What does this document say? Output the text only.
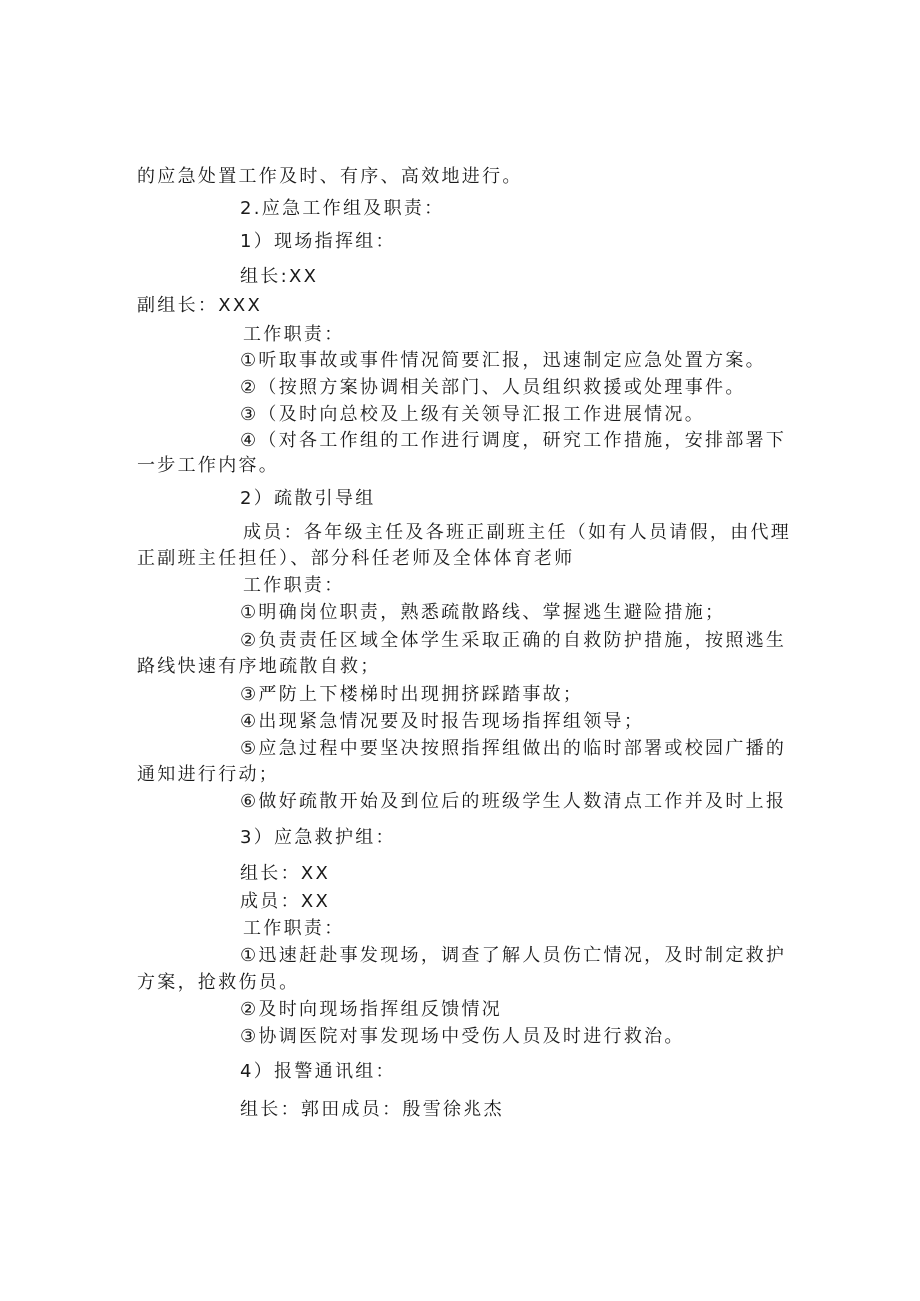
的应急处置工作及时、有序、高效地进行。
2.应急工作组及职责：
1）现场指挥组：
组长:XX
副组长：XXX
工作职责：
①听取事故或事件情况简要汇报，迅速制定应急处置方案。
②（按照方案协调相关部门、人员组织救援或处理事件。
③（及时向总校及上级有关领导汇报工作进展情况。
④（对各工作组的工作进行调度，研究工作措施，安排部署下
一步工作内容。
2）疏散引导组
成员：各年级主任及各班正副班主任（如有人员请假，由代理
正副班主任担任）、部分科任老师及全体体育老师
工作职责：
①明确岗位职责，熟悉疏散路线、掌握逃生避险措施；
②负责责任区域全体学生采取正确的自救防护措施，按照逃生
路线快速有序地疏散自救；
③严防上下楼梯时出现拥挤踩踏事故；
④出现紧急情况要及时报告现场指挥组领导；
⑤应急过程中要坚决按照指挥组做出的临时部署或校园广播的
通知进行行动；
⑥做好疏散开始及到位后的班级学生人数清点工作并及时上报
3）应急救护组：
组长：XX
成员：XX
工作职责：
①迅速赶赴事发现场，调查了解人员伤亡情况，及时制定救护
方案，抢救伤员。
②及时向现场指挥组反馈情况
③协调医院对事发现场中受伤人员及时进行救治。
4）报警通讯组：
组长：郭田成员：殷雪徐兆杰
